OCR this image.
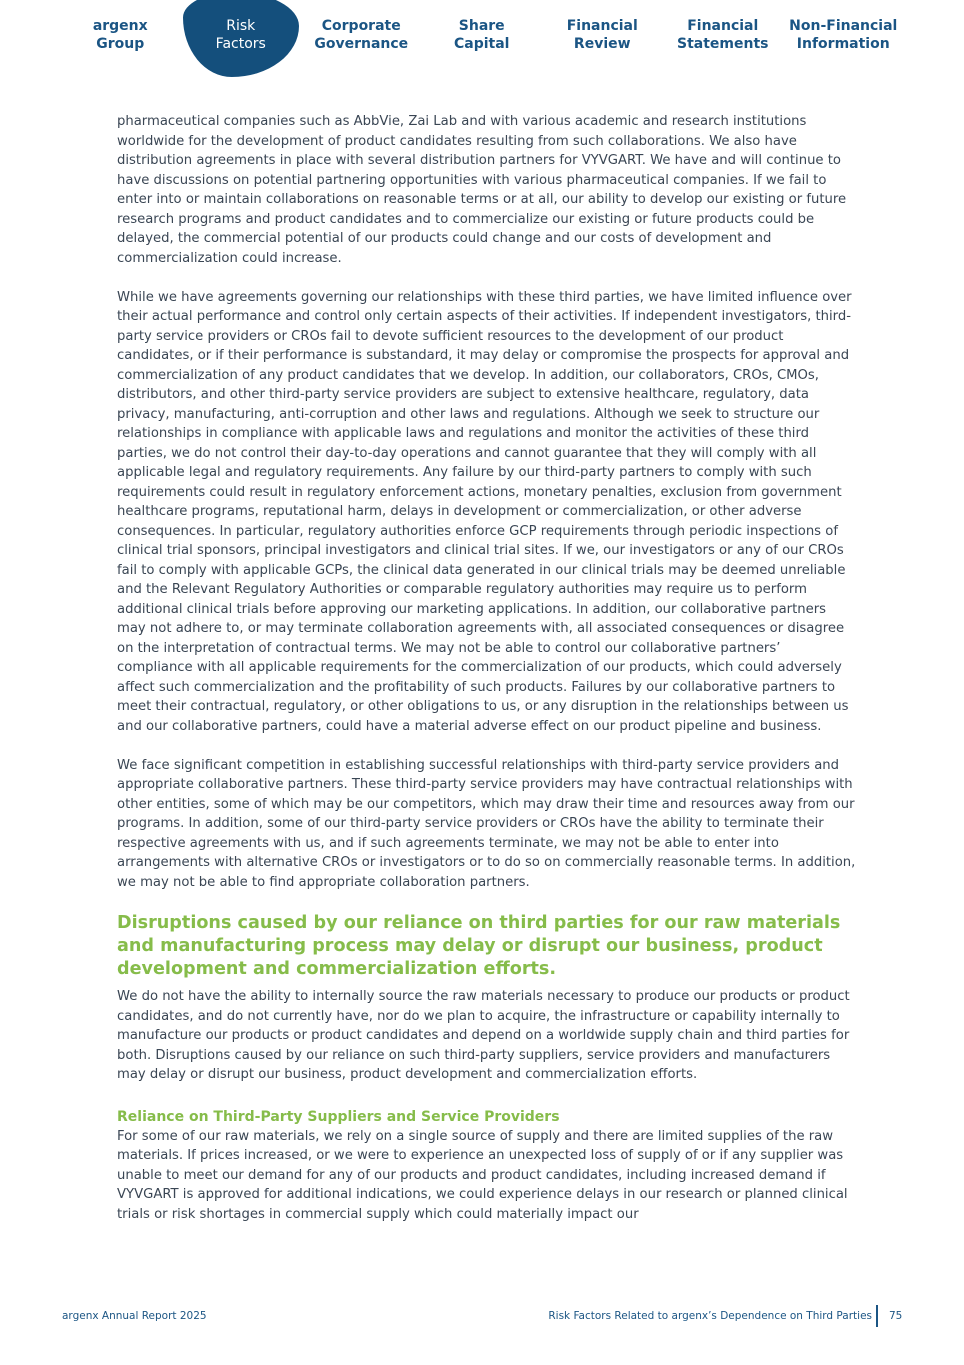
argenx
Group
Risk
Factors
Corporate
Governance
Share
Capital
Financial
Review
Financial
Statements
Non-Financial
Information

pharmaceutical companies such as AbbVie, Zai Lab and with various academic and research institutions worldwide for the development of product candidates resulting from such collaborations. We also have distribution agreements in place with several distribution partners for VYVGART. We have and will continue to have discussions on potential partnering opportunities with various pharmaceutical companies. If we fail to enter into or maintain collaborations on reasonable terms or at all, our ability to develop our existing or future research programs and product candidates and to commercialize our existing or future products could be delayed, the commercial potential of our products could change and our costs of development and commercialization could increase.

While we have agreements governing our relationships with these third parties, we have limited influence over their actual performance and control only certain aspects of their activities. If independent investigators, third-party service providers or CROs fail to devote sufficient resources to the development of our product candidates, or if their performance is substandard, it may delay or compromise the prospects for approval and commercialization of any product candidates that we develop. In addition, our collaborators, CROs, CMOs, distributors, and other third-party service providers are subject to extensive healthcare, regulatory, data privacy, manufacturing, anti-corruption and other laws and regulations. Although we seek to structure our relationships in compliance with applicable laws and regulations and monitor the activities of these third parties, we do not control their day-to-day operations and cannot guarantee that they will comply with all applicable legal and regulatory requirements. Any failure by our third-party partners to comply with such requirements could result in regulatory enforcement actions, monetary penalties, exclusion from government healthcare programs, reputational harm, delays in development or commercialization, or other adverse consequences. In particular, regulatory authorities enforce GCP requirements through periodic inspections of clinical trial sponsors, principal investigators and clinical trial sites. If we, our investigators or any of our CROs fail to comply with applicable GCPs, the clinical data generated in our clinical trials may be deemed unreliable and the Relevant Regulatory Authorities or comparable regulatory authorities may require us to perform additional clinical trials before approving our marketing applications. In addition, our collaborative partners may not adhere to, or may terminate collaboration agreements with, all associated consequences or disagree on the interpretation of contractual terms. We may not be able to control our collaborative partners’ compliance with all applicable requirements for the commercialization of our products, which could adversely affect such commercialization and the profitability of such products. Failures by our collaborative partners to meet their contractual, regulatory, or other obligations to us, or any disruption in the relationships between us and our collaborative partners, could have a material adverse effect on our product pipeline and business.

We face significant competition in establishing successful relationships with third-party service providers and appropriate collaborative partners. These third-party service providers may have contractual relationships with other entities, some of which may be our competitors, which may draw their time and resources away from our programs. In addition, some of our third-party service providers or CROs have the ability to terminate their respective agreements with us, and if such agreements terminate, we may not be able to enter into arrangements with alternative CROs or investigators or to do so on commercially reasonable terms. In addition, we may not be able to find appropriate collaboration partners.

Disruptions caused by our reliance on third parties for our raw materials and manufacturing process may delay or disrupt our business, product development and commercialization efforts.

We do not have the ability to internally source the raw materials necessary to produce our products or product candidates, and do not currently have, nor do we plan to acquire, the infrastructure or capability internally to manufacture our products or product candidates and depend on a worldwide supply chain and third parties for both. Disruptions caused by our reliance on such third-party suppliers, service providers and manufacturers may delay or disrupt our business, product development and commercialization efforts.

Reliance on Third-Party Suppliers and Service Providers

For some of our raw materials, we rely on a single source of supply and there are limited supplies of the raw materials. If prices increased, or we were to experience an unexpected loss of supply of or if any supplier was unable to meet our demand for any of our products and product candidates, including increased demand if VYVGART is approved for additional indications, we could experience delays in our research or planned clinical trials or risk shortages in commercial supply which could materially impact our

argenx Annual Report 2025	Risk Factors Related to argenx’s Dependence on Third Parties 75
